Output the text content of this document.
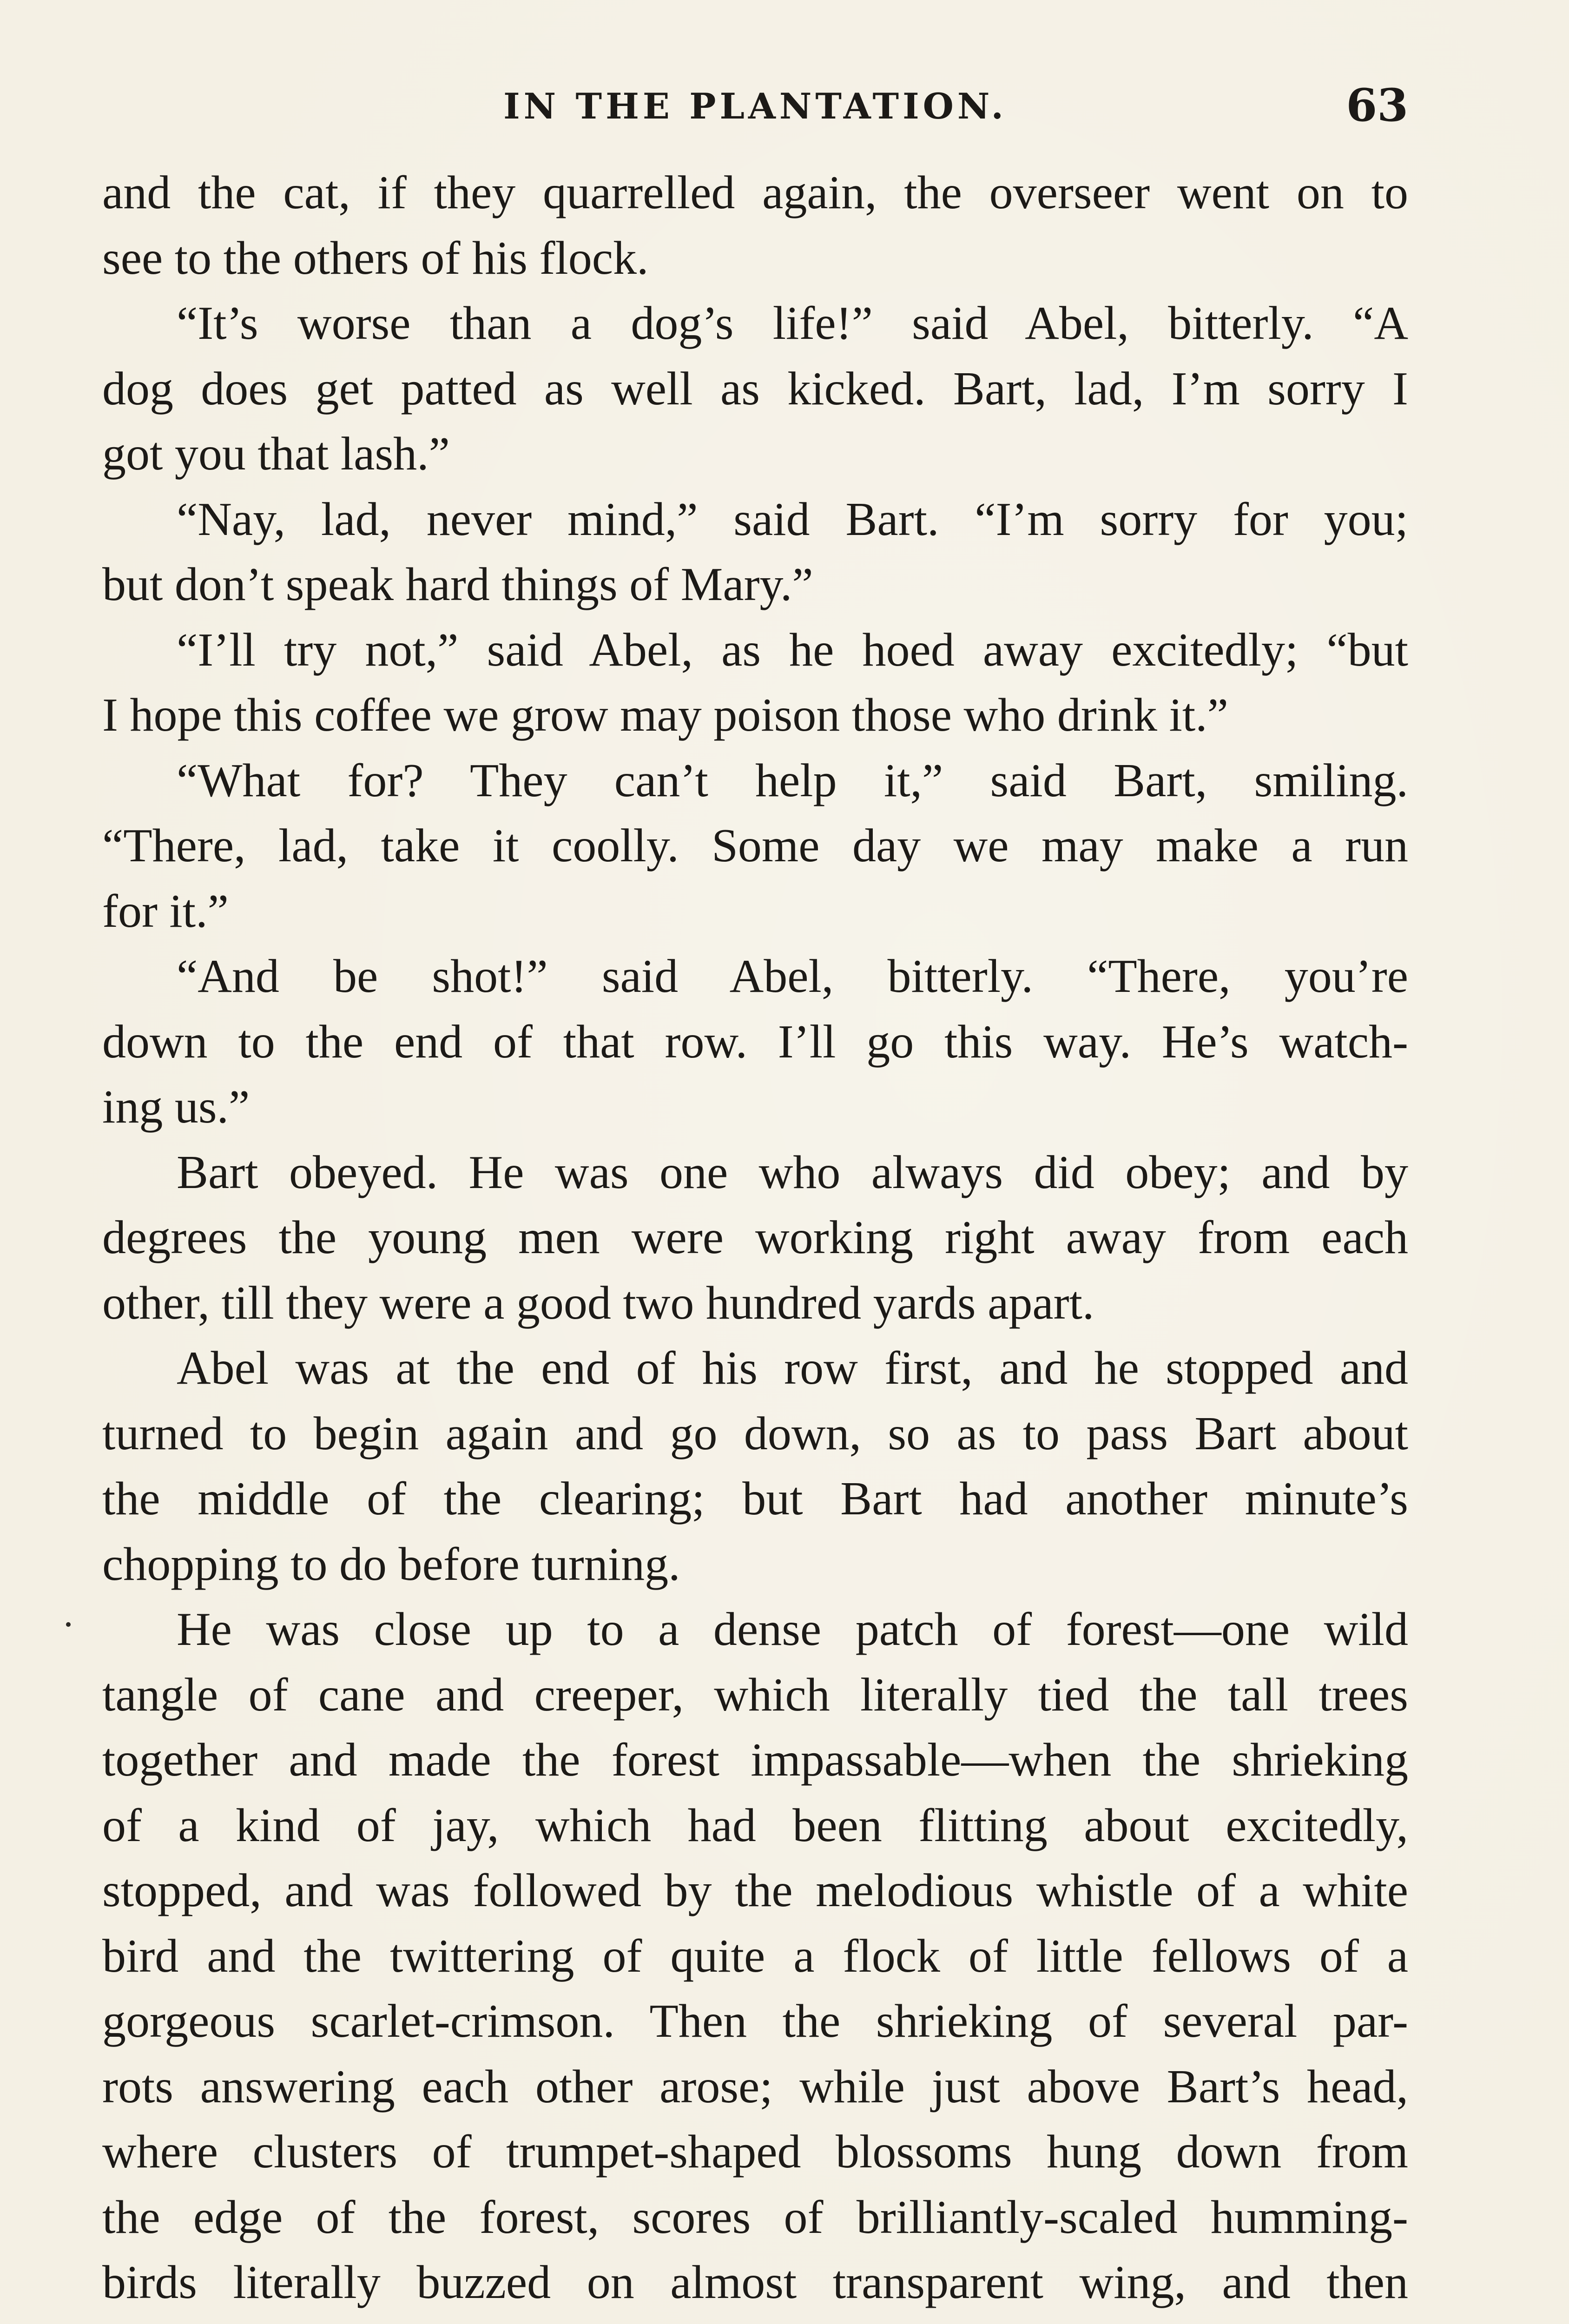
IN THE PLANTATION.	63
and the cat, if they quarrelled again, the overseer went on to
see to the others of his flock.
“It’s worse than a dog’s life!” said Abel, bitterly. “A
dog does get patted as well as kicked. Bart, lad, I’m sorry I
got you that lash.”
“Nay, lad, never mind,” said Bart. “I’m sorry for you;
but don’t speak hard things of Mary.”
“I’ll try not,” said Abel, as he hoed away excitedly; “but
I hope this coffee we grow may poison those who drink it.”
“What for? They can’t help it,” said Bart, smiling.
“There, lad, take it coolly. Some day we may make a run
for it.”
“And be shot!” said Abel, bitterly. “There, you’re
down to the end of that row. I’ll go this way. He’s watch-
ing us.”
Bart obeyed. He was one who always did obey; and by
degrees the young men were working right away from each
other, till they were a good two hundred yards apart.
Abel was at the end of his row first, and he stopped and
turned to begin again and go down, so as to pass Bart about
the middle of the clearing; but Bart had another minute’s
chopping to do before turning.
He was close up to a dense patch of forest—one wild
tangle of cane and creeper, which literally tied the tall trees
together and made the forest impassable—when the shrieking
of a kind of jay, which had been flitting about excitedly,
stopped, and was followed by the melodious whistle of a white
bird and the twittering of quite a flock of little fellows of a
gorgeous scarlet-crimson. Then the shrieking of several par-
rots answering each other arose; while just above Bart’s head,
where clusters of trumpet-shaped blossoms hung down from
the edge of the forest, scores of brilliantly-scaled humming-
birds literally buzzed on almost transparent wing, and then
